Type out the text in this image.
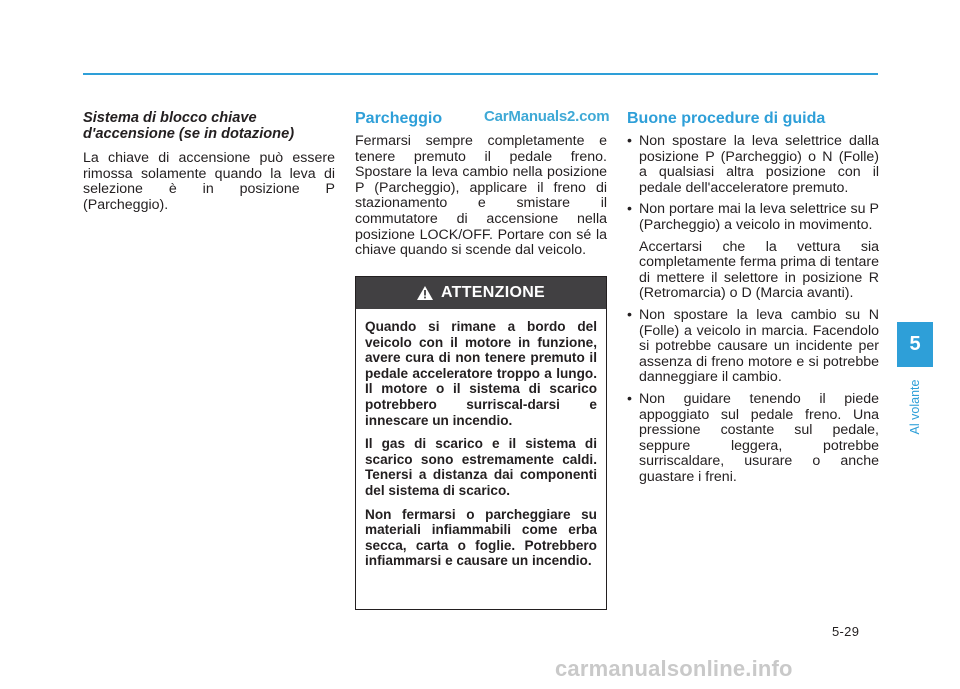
Sistema di blocco chiave d'accensione (se in dotazione)

La chiave di accensione può essere rimossa solamente quando la leva di selezione è in posizione P (Parcheggio).

Parcheggio

Fermarsi sempre completamente e tenere premuto il pedale freno. Spostare la leva cambio nella posizione P (Parcheggio), applicare il freno di stazionamento e smistare il commutatore di accensione nella posizione LOCK/OFF. Portare con sé la chiave quando si scende dal veicolo.

CarManuals2.com
ATTENZIONE

Quando si rimane a bordo del veicolo con il motore in funzione, avere cura di non tenere premuto il pedale acceleratore troppo a lungo. Il motore o il sistema di scarico potrebbero surriscal-darsi e innescare un incendio.

Il gas di scarico e il sistema di scarico sono estremamente caldi. Tenersi a distanza dai componenti del sistema di scarico.

Non fermarsi o parcheggiare su materiali infiammabili come erba secca, carta o foglie. Potrebbero infiammarsi e causare un incendio.

Buone procedure di guida
• Non spostare la leva selettrice dalla posizione P (Parcheggio) o N (Folle) a qualsiasi altra posizione con il pedale dell'acceleratore premuto.
• Non portare mai la leva selettrice su P (Parcheggio) a veicolo in movimento.

Accertarsi che la vettura sia completamente ferma prima di tentare di mettere il selettore in posizione R (Retromarcia) o D (Marcia avanti).

• Non spostare la leva cambio su N (Folle) a veicolo in marcia. Facendolo si potrebbe causare un incidente per assenza di freno motore e si potrebbe danneggiare il cambio.
• Non guidare tenendo il piede appoggiato sul pedale freno. Una pressione costante sul pedale, seppure leggera, potrebbe surriscaldare, usurare o anche guastare i freni.
5
Al volante
5-29
carmanualsonline.info
